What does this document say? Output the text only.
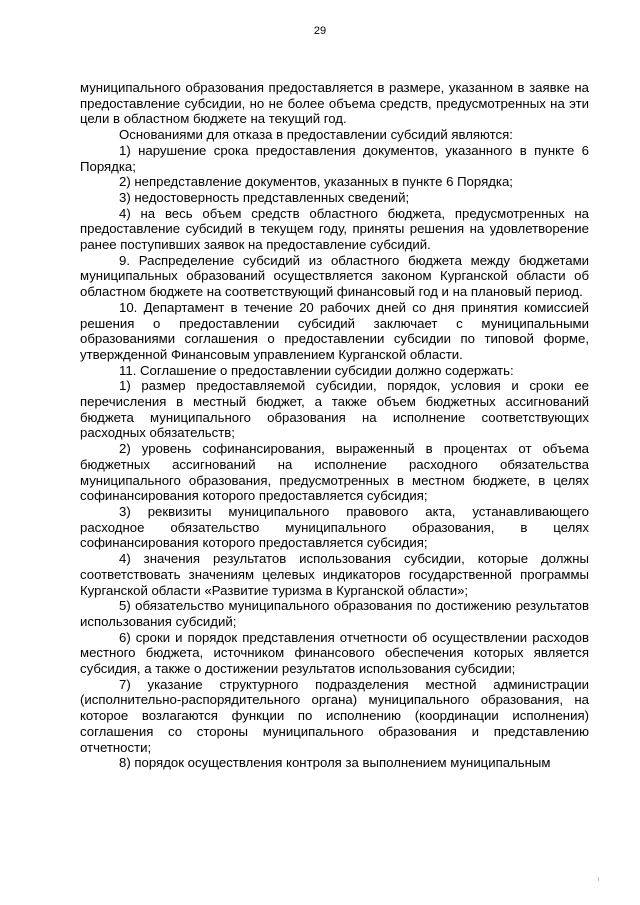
29

муниципального образования предоставляется в размере, указанном в заявке на предоставление субсидии, но не более объема средств, предусмотренных на эти цели в областном бюджете на текущий год.

Основаниями для отказа в предоставлении субсидий являются:

1) нарушение срока предоставления документов, указанного в пункте 6 Порядка;

2) непредставление документов, указанных в пункте 6 Порядка;

3) недостоверность представленных сведений;

4) на весь объем средств областного бюджета, предусмотренных на предоставление субсидий в текущем году, приняты решения на удовлетворение ранее поступивших заявок на предоставление субсидий.

9. Распределение субсидий из областного бюджета между бюджетами муниципальных образований осуществляется законом Курганской области об областном бюджете на соответствующий финансовый год и на плановый период.

10. Департамент в течение 20 рабочих дней со дня принятия комиссией решения о предоставлении субсидий заключает с муниципальными образованиями соглашения о предоставлении субсидии по типовой форме, утвержденной Финансовым управлением Курганской области.

11. Соглашение о предоставлении субсидии должно содержать:

1) размер предоставляемой субсидии, порядок, условия и сроки ее перечисления в местный бюджет, а также объем бюджетных ассигнований бюджета муниципального образования на исполнение соответствующих расходных обязательств;

2) уровень софинансирования, выраженный в процентах от объема бюджетных ассигнований на исполнение расходного обязательства муниципального образования, предусмотренных в местном бюджете, в целях софинансирования которого предоставляется субсидия;

3) реквизиты муниципального правового акта, устанавливающего расходное обязательство муниципального образования, в целях софинансирования которого предоставляется субсидия;

4) значения результатов использования субсидии, которые должны соответствовать значениям целевых индикаторов государственной программы Курганской области «Развитие туризма в Курганской области»;

5) обязательство муниципального образования по достижению результатов использования субсидий;

6) сроки и порядок представления отчетности об осуществлении расходов местного бюджета, источником финансового обеспечения которых является субсидия, а также о достижении результатов использования субсидии;

7) указание структурного подразделения местной администрации (исполнительно-распорядительного органа) муниципального образования, на которое возлагаются функции по исполнению (координации исполнения) соглашения со стороны муниципального образования и представлению отчетности;

8) порядок осуществления контроля за выполнением муниципальным
